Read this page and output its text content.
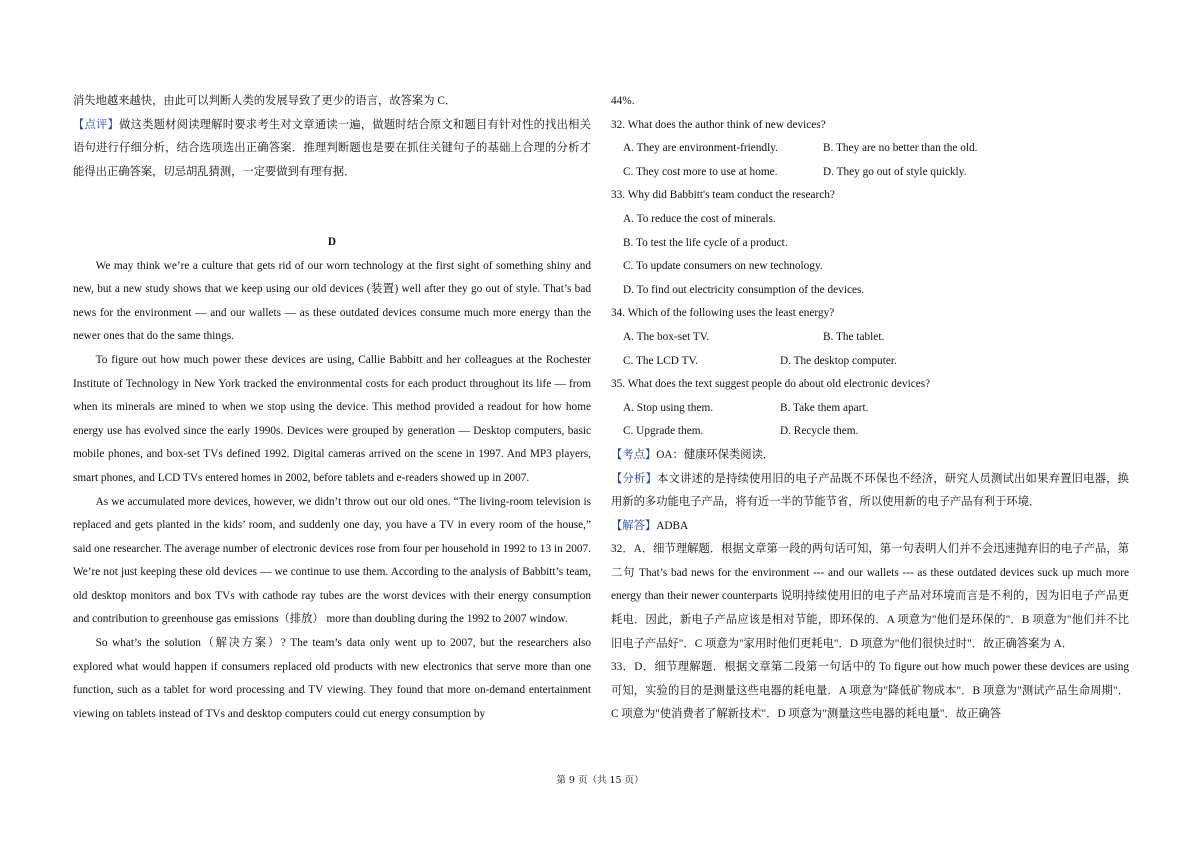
消失地越来越快，由此可以判断人类的发展导致了更少的语言，故答案为 C．

【点评】做这类题材阅读理解时要求考生对文章通读一遍，做题时结合原文和题目有针对性的找出相关语句进行仔细分析，结合选项选出正确答案．推理判断题也是要在抓住关键句子的基础上合理的分析才能得出正确答案，切忌胡乱猜测，一定要做到有理有据．

D

We may think we’re a culture that gets rid of our worn technology at the first sight of something shiny and new, but a new study shows that we keep using our old devices (装置) well after they go out of style. That’s bad news for the environment — and our wallets — as these outdated devices consume much more energy than the newer ones that do the same things.

To figure out how much power these devices are using, Callie Babbitt and her colleagues at the Rochester Institute of Technology in New York tracked the environmental costs for each product throughout its life — from when its minerals are mined to when we stop using the device. This method provided a readout for how home energy use has evolved since the early 1990s. Devices were grouped by generation — Desktop computers, basic mobile phones, and box-set TVs defined 1992. Digital cameras arrived on the scene in 1997. And MP3 players, smart phones, and LCD TVs entered homes in 2002, before tablets and e-readers showed up in 2007.

As we accumulated more devices, however, we didn’t throw out our old ones. “The living-room television is replaced and gets planted in the kids’ room, and suddenly one day, you have a TV in every room of the house,” said one researcher. The average number of electronic devices rose from four per household in 1992 to 13 in 2007. We’re not just keeping these old devices — we continue to use them. According to the analysis of Babbitt’s team, old desktop monitors and box TVs with cathode ray tubes are the worst devices with their energy consumption and contribution to greenhouse gas emissions（排放） more than doubling during the 1992 to 2007 window.

So what’s the solution（解决方案）? The team’s data only went up to 2007, but the researchers also explored what would happen if consumers replaced old products with new electronics that serve more than one function, such as a tablet for word processing and TV viewing. They found that more on-demand entertainment viewing on tablets instead of TVs and desktop computers could cut energy consumption by

44%.

32. What does the author think of new devices?

A. They are environment-friendly.	B. They are no better than the old.
C. They cost more to use at home.	D. They go out of style quickly.

33. Why did Babbitt's team conduct the research?

A. To reduce the cost of minerals.
B. To test the life cycle of a product.
C. To update consumers on new technology.
D. To find out electricity consumption of the devices.

34. Which of the following uses the least energy?

A. The box-set TV.	B. The tablet.
C. The LCD TV.	D. The desktop computer.

35. What does the text suggest people do about old electronic devices?

A. Stop using them.	B. Take them apart.
C. Upgrade them.	D. Recycle them.

【考点】OA：健康环保类阅读．

【分析】本文讲述的是持续使用旧的电子产品既不环保也不经济，研究人员测试出如果弃置旧电器，换用新的多功能电子产品，将有近一半的节能节省，所以使用新的电子产品有利于环境．

【解答】ADBA

32．A．细节理解题．根据文章第一段的两句话可知，第一句表明人们并不会迅速抛弃旧的电子产品，第二句 That’s bad news for the environment --- and our wallets --- as these outdated devices suck up much more energy than their newer counterparts 说明持续使用旧的电子产品对环境而言是不利的，因为旧电子产品更耗电．因此，新电子产品应该是相对节能，即环保的．A 项意为"他们是环保的"．B 项意为"他们并不比旧电子产品好"．C 项意为"家用时他们更耗电"．D 项意为"他们很快过时"．故正确答案为 A．

33．D．细节理解题．根据文章第二段第一句话中的 To figure out how much power these devices are using 可知，实验的目的是测量这些电器的耗电量．A 项意为"降低矿物成本"．B 项意为"测试产品生命周期"．C 项意为"使消费者了解新技术"．D 项意为"测量这些电器的耗电量"．故正确答

第 9 页（共 15 页）
